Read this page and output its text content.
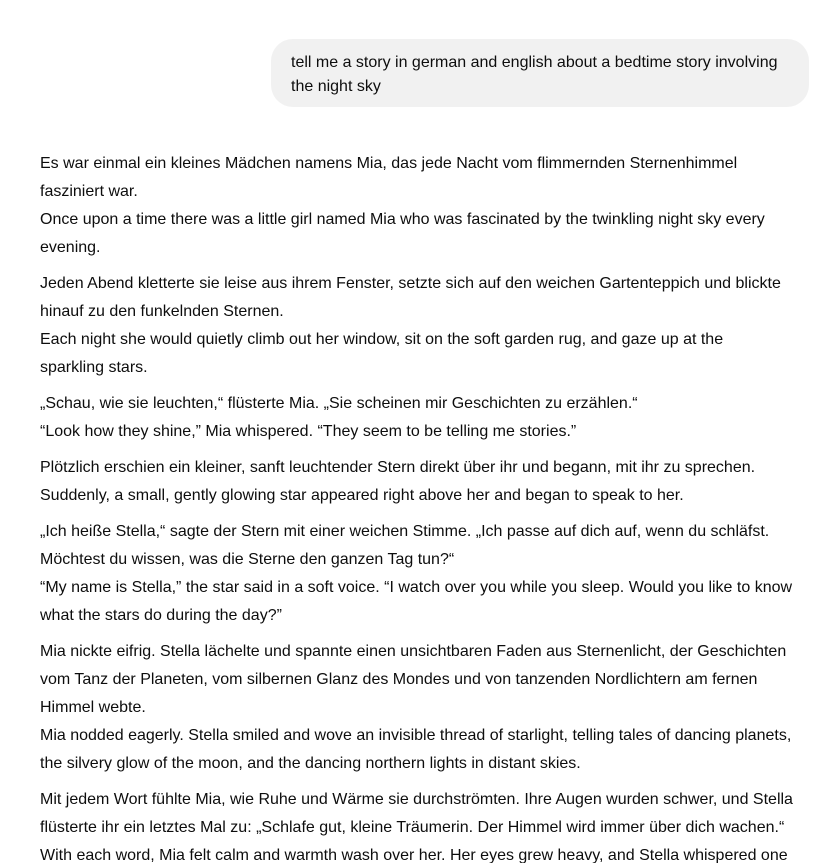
tell me a story in german and english about a bedtime story involving
the night sky
Es war einmal ein kleines Mädchen namens Mia, das jede Nacht vom flimmernden Sternenhimmel
fasziniert war.
Once upon a time there was a little girl named Mia who was fascinated by the twinkling night sky every
evening.
Jeden Abend kletterte sie leise aus ihrem Fenster, setzte sich auf den weichen Gartenteppich und blickte
hinauf zu den funkelnden Sternen.
Each night she would quietly climb out her window, sit on the soft garden rug, and gaze up at the
sparkling stars.
„Schau, wie sie leuchten,“ flüsterte Mia. „Sie scheinen mir Geschichten zu erzählen.“
“Look how they shine,” Mia whispered. “They seem to be telling me stories.”
Plötzlich erschien ein kleiner, sanft leuchtender Stern direkt über ihr und begann, mit ihr zu sprechen.
Suddenly, a small, gently glowing star appeared right above her and began to speak to her.
„Ich heiße Stella,“ sagte der Stern mit einer weichen Stimme. „Ich passe auf dich auf, wenn du schläfst.
Möchtest du wissen, was die Sterne den ganzen Tag tun?“
“My name is Stella,” the star said in a soft voice. “I watch over you while you sleep. Would you like to know
what the stars do during the day?”
Mia nickte eifrig. Stella lächelte und spannte einen unsichtbaren Faden aus Sternenlicht, der Geschichten
vom Tanz der Planeten, vom silbernen Glanz des Mondes und von tanzenden Nordlichtern am fernen
Himmel webte.
Mia nodded eagerly. Stella smiled and wove an invisible thread of starlight, telling tales of dancing planets,
the silvery glow of the moon, and the dancing northern lights in distant skies.
Mit jedem Wort fühlte Mia, wie Ruhe und Wärme sie durchströmten. Ihre Augen wurden schwer, und Stella
flüsterte ihr ein letztes Mal zu: „Schlafe gut, kleine Träumerin. Der Himmel wird immer über dich wachen.“
With each word, Mia felt calm and warmth wash over her. Her eyes grew heavy, and Stella whispered one
